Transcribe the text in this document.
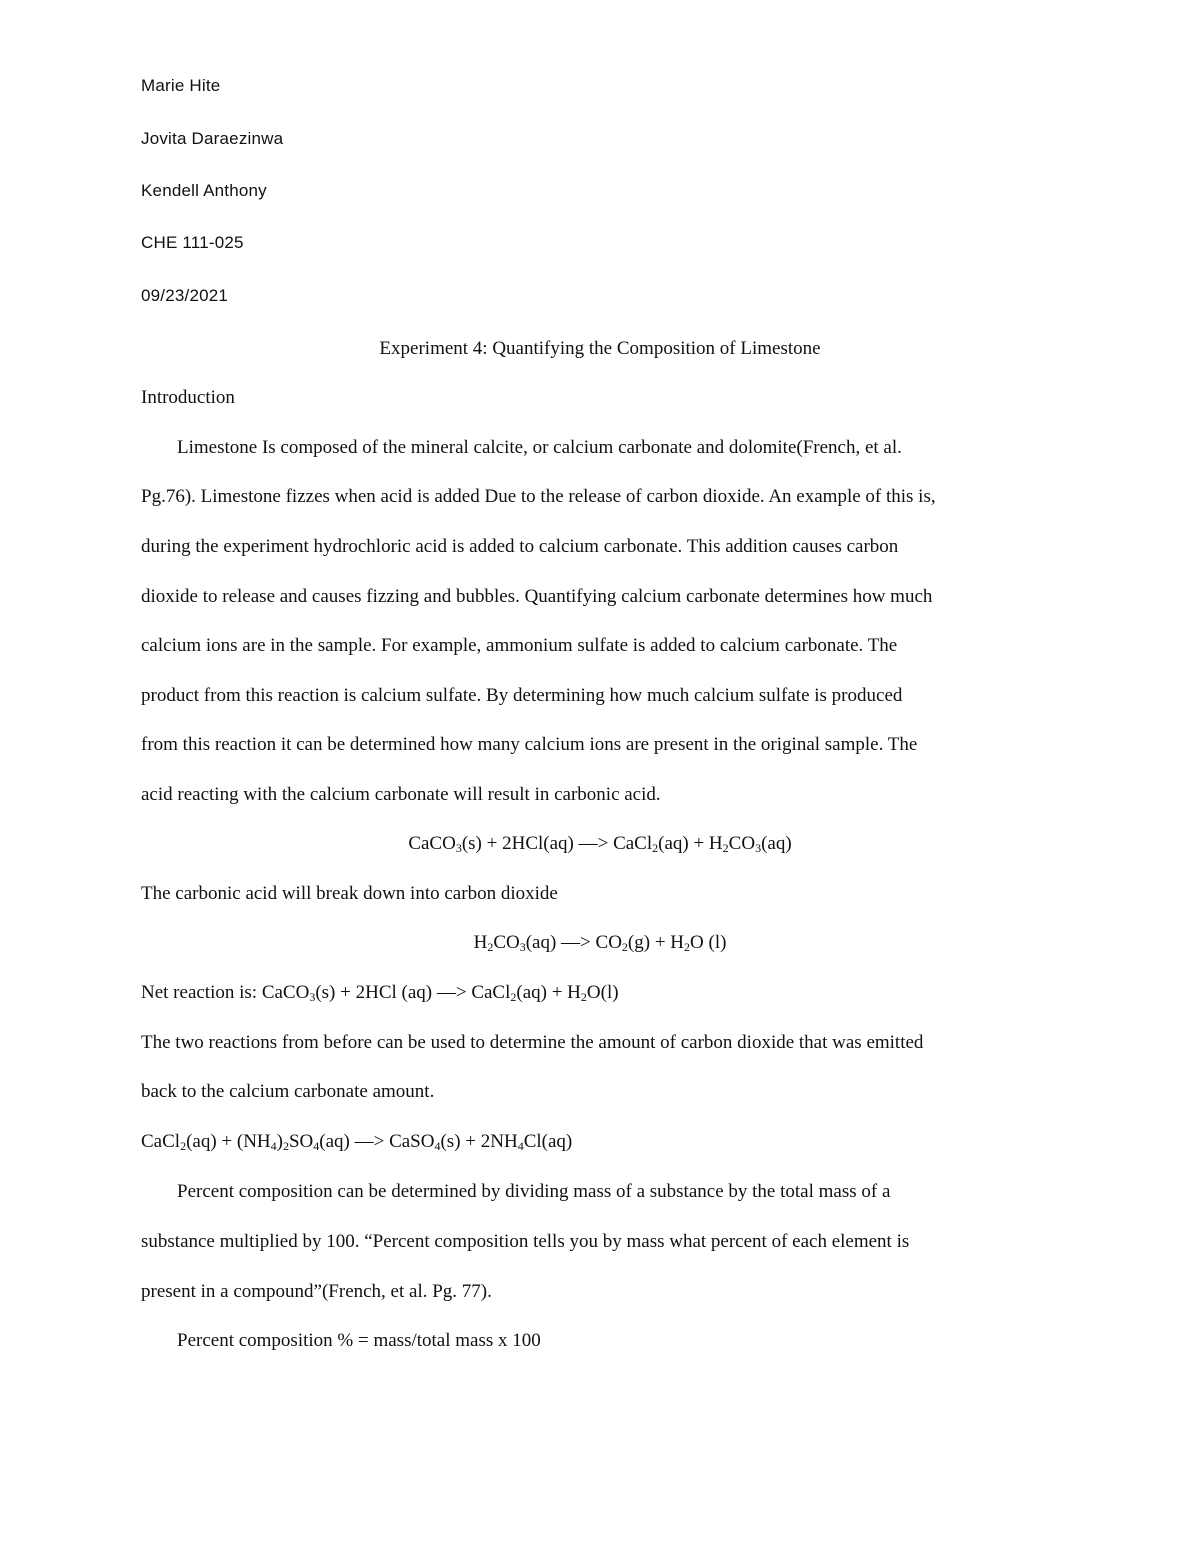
Marie Hite
Jovita Daraezinwa
Kendell Anthony
CHE 111-025
09/23/2021
Experiment 4: Quantifying the Composition of Limestone
Introduction
Limestone Is composed of the mineral calcite, or calcium carbonate and dolomite(French, et al.
Pg.76). Limestone fizzes when acid is added Due to the release of carbon dioxide. An example of this is,
during the experiment hydrochloric acid is added to calcium carbonate. This addition causes carbon
dioxide to release and causes fizzing and bubbles. Quantifying calcium carbonate determines how much
calcium ions are in the sample. For example, ammonium sulfate is added to calcium carbonate. The
product from this reaction is calcium sulfate. By determining how much calcium sulfate is produced
from this reaction it can be determined how many calcium ions are present in the original sample. The
acid reacting with the calcium carbonate will result in carbonic acid.
CaCO$_3$(s) + 2HCl(aq) —> CaCl$_2$(aq) + $H_2CO_3(aq)$
The carbonic acid will break down into carbon dioxide
$H_2CO_3(aq)$ —> $CO_2(g) + H_2O$ (l)
Net reaction is: CaCO$_3$(s) + 2HCl (aq) —> CaCl$_2$(aq) + $H_2O(l)$
The two reactions from before can be used to determine the amount of carbon dioxide that was emitted
back to the calcium carbonate amount.
CaCl$_2$(aq) + $(NH_4)_2SO_4(aq)$ —> CaSO$_4$(s) + $2NH_4Cl(aq)$
Percent composition can be determined by dividing mass of a substance by the total mass of a
substance multiplied by 100. “Percent composition tells you by mass what percent of each element is
present in a compound”(French, et al. Pg. 77).
Percent composition % = mass/total mass x 100
